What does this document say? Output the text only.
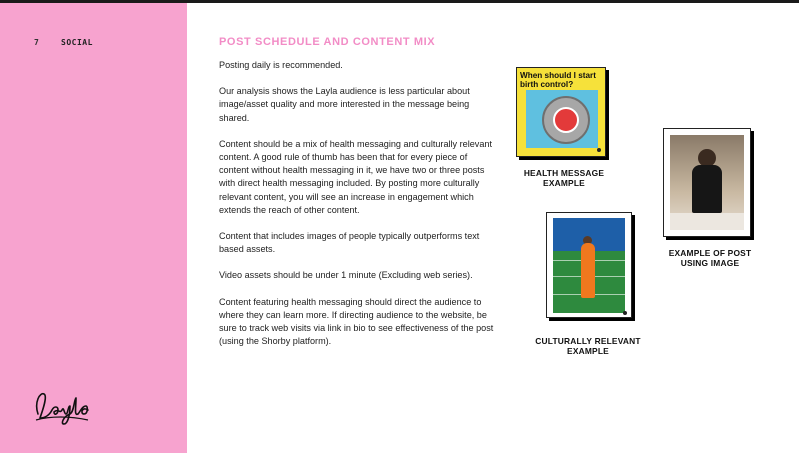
7	SOCIAL	POST SCHEDULE AND CONTENT MIX

Posting daily is recommended.

Our analysis shows the Layla audience is less particular about image/asset quality and more interested in the message being shared.

Content should be a mix of health messaging and culturally relevant content. A good rule of thumb has been that for every piece of content without health messaging in it, we have two or three posts with direct health messaging included. By posting more culturally relevant content, you will see an increase in engagement which extends the reach of other content.

Content that includes images of people typically outperforms text based assets.

Video assets should be under 1 minute (Excluding web series).

Content featuring health messaging should direct the audience to where they can learn more. If directing audience to the website, be sure to track web visits via link in bio to see effectiveness of the post (using the Shorby platform).

When should I start birth control?
HEALTH MESSAGE
EXAMPLE
CULTURALLY RELEVANT
EXAMPLE
EXAMPLE OF POST
USING IMAGE
